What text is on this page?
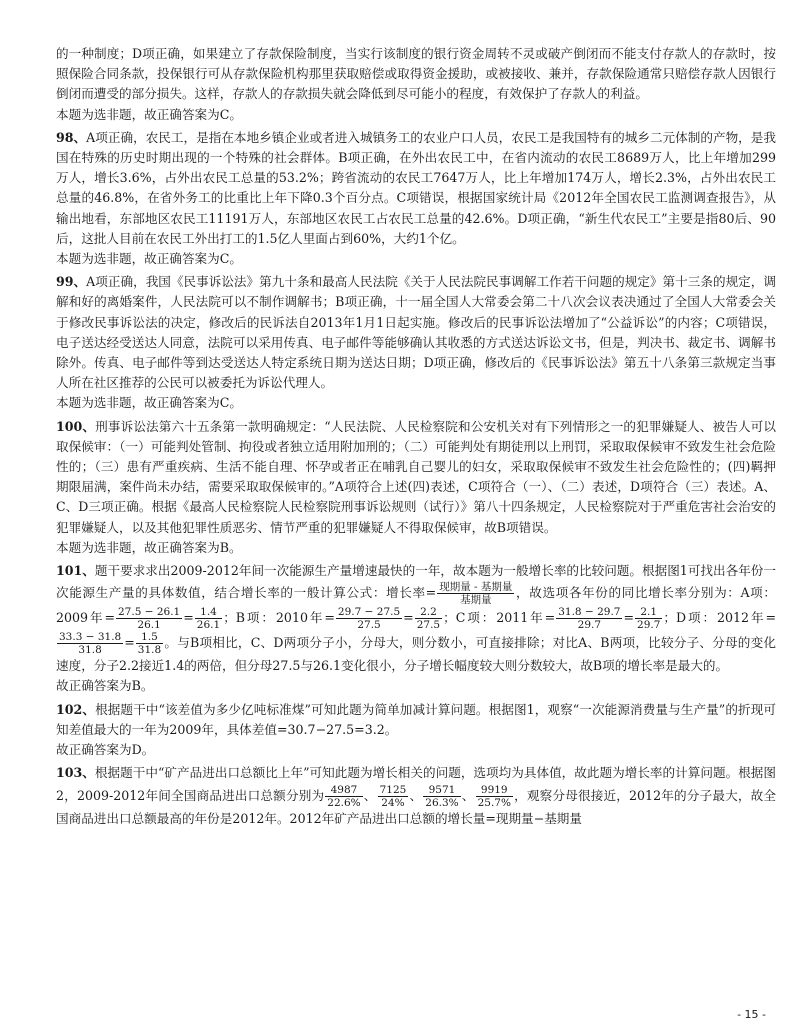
的一种制度；D项正确，如果建立了存款保险制度，当实行该制度的银行资金周转不灵或破产倒闭而不能支付存款人的存款时，按照保险合同条款，投保银行可从存款保险机构那里获取赔偿或取得资金援助，或被接收、兼并，存款保险通常只赔偿存款人因银行倒闭而遭受的部分损失。这样，存款人的存款损失就会降低到尽可能小的程度，有效保护了存款人的利益。

本题为选非题，故正确答案为C。

98、A项正确，农民工，是指在本地乡镇企业或者进入城镇务工的农业户口人员，农民工是我国特有的城乡二元体制的产物，是我国在特殊的历史时期出现的一个特殊的社会群体。B项正确，在外出农民工中，在省内流动的农民工8689万人，比上年增加299万人，增长3.6%，占外出农民工总量的53.2%；跨省流动的农民工7647万人，比上年增加174万人，增长2.3%，占外出农民工总量的46.8%，在省外务工的比重比上年下降0.3个百分点。C项错误，根据国家统计局《2012年全国农民工监测调查报告》，从输出地看，东部地区农民工11191万人，东部地区农民工占农民工总量的42.6%。D项正确，“新生代农民工”主要是指80后、90后，这批人目前在农民工外出打工的1.5亿人里面占到60%，大约1个亿。

本题为选非题，故正确答案为C。

99、A项正确，我国《民事诉讼法》第九十条和最高人民法院《关于人民法院民事调解工作若干问题的规定》第十三条的规定，调解和好的离婚案件，人民法院可以不制作调解书；B项正确，十一届全国人大常委会第二十八次会议表决通过了全国人大常委会关于修改民事诉讼法的决定，修改后的民诉法自2013年1月1日起实施。修改后的民事诉讼法增加了“公益诉讼”的内容；C项错误，电子送达经受送达人同意，法院可以采用传真、电子邮件等能够确认其收悉的方式送达诉讼文书，但是，判决书、裁定书、调解书除外。传真、电子邮件等到达受送达人特定系统日期为送达日期；D项正确，修改后的《民事诉讼法》第五十八条第三款规定当事人所在社区推荐的公民可以被委托为诉讼代理人。

本题为选非题，故正确答案为C。

100、刑事诉讼法第六十五条第一款明确规定：“人民法院、人民检察院和公安机关对有下列情形之一的犯罪嫌疑人、被告人可以取保候审：（一）可能判处管制、拘役或者独立适用附加刑的；（二）可能判处有期徒刑以上刑罚，采取取保候审不致发生社会危险性的；（三）患有严重疾病、生活不能自理、怀孕或者正在哺乳自己婴儿的妇女，采取取保候审不致发生社会危险性的；(四)羁押期限届满，案件尚未办结，需要采取取保候审的。”A项符合上述(四)表述，C项符合（一）、（二）表述，D项符合（三）表述。A、C、D三项正确。根据《最高人民检察院人民检察院刑事诉讼规则（试行）》第八十四条规定，人民检察院对于严重危害社会治安的犯罪嫌疑人，以及其他犯罪性质恶劣、情节严重的犯罪嫌疑人不得取保候审，故B项错误。

本题为选非题，故正确答案为B。

101、题干要求求出2009-2012年间一次能源生产量增速最快的一年，故本题为一般增长率的比较问题。根据图1可找出各年份一次能源生产量的具体数值，结合增长率的一般计算公式：增长率= $\frac{\text{现期量 - 基期量}}{\text{基期量}}$ ，故选项各年份的同比增长率分别为：A项：2009年= $\frac{27.5 - 26.1}{26.1} = \frac{1.4}{26.1}$ ；B项：2010年= $\frac{29.7 - 27.5}{27.5} = \frac{2.2}{27.5}$ ；C项：2011年= $\frac{31.8 - 29.7}{29.7} = \frac{2.1}{29.7}$ ；D项：2012年=
$\frac{33.3 - 31.8}{31.8} = \frac{1.5}{31.8}$ 。与B项相比，C、D两项分子小，分母大，则分数小，可直接排除；对比A、B两项，比较分子、分母的变化速度，分子2.2接近1.4的两倍，但分母27.5与26.1变化很小，分子增长幅度较大则分数较大，故B项的增长率是最大的。

故正确答案为B。

102、根据题干中“该差值为多少亿吨标准煤”可知此题为简单加减计算问题。根据图1，观察“一次能源消费量与生产量”的折现可知差值最大的一年为2009年，具体差值=30.7−27.5=3.2。

故正确答案为D。

103、根据题干中“矿产品进出口总额比上年”可知此题为增长相关的问题，选项均为具体值，故此题为增长率的计算问题。根据图2，2009-2012年间全国商品进出口总额分别为 $\frac{4987}{22.6\%}$ 、 $\frac{7125}{24\%}$ 、 $\frac{9571}{26.3\%}$ 、 $\frac{9919}{25.7\%}$ ，观察分母很接近，2012年的分子最大，故全国商品进出口总额最高的年份是2012年。2012年矿产品进出口总额的增长量=现期量−基期量

- 15 -
